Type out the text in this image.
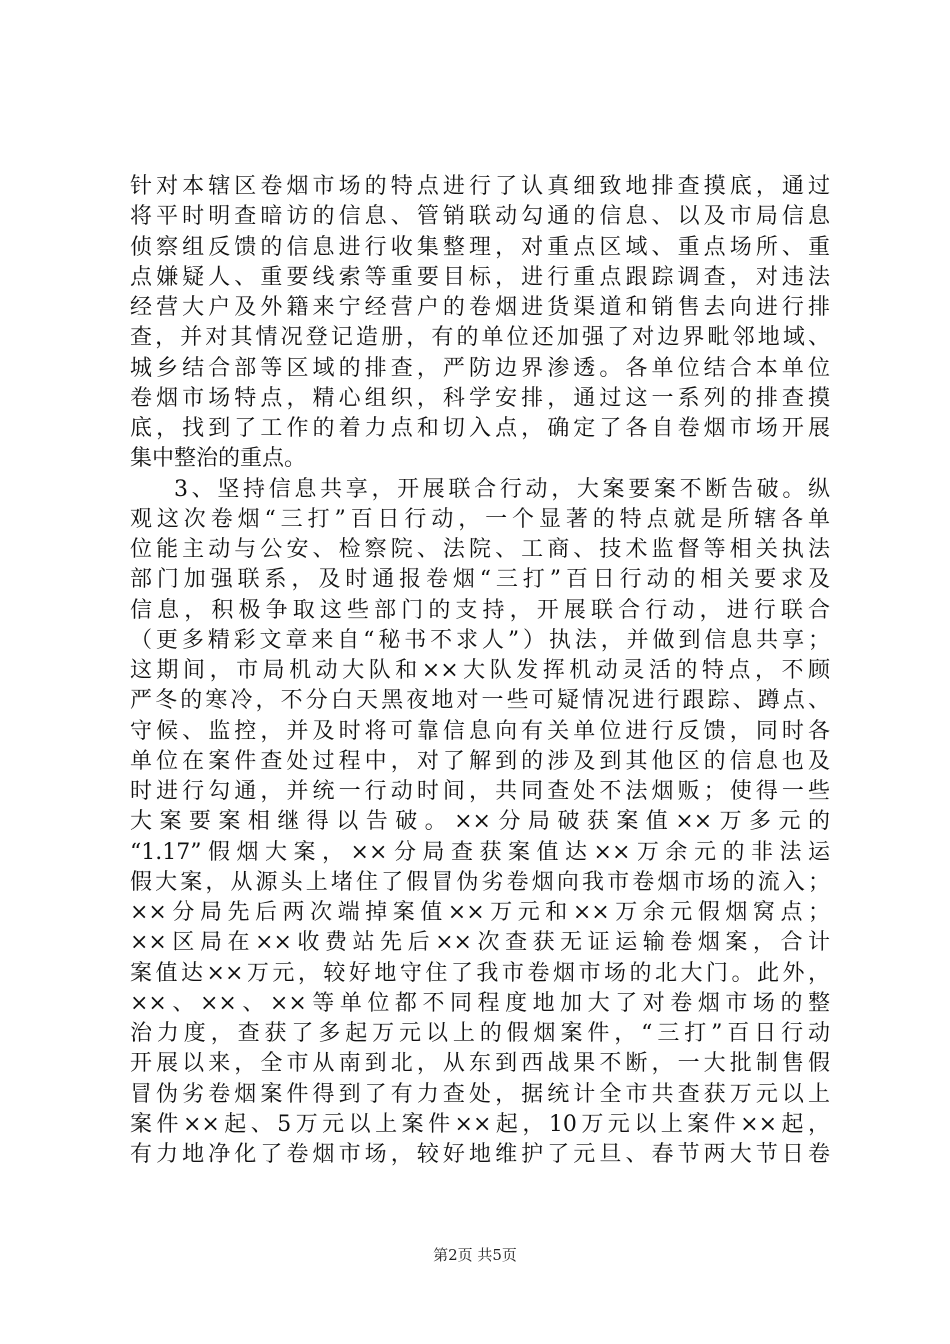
针对本辖区卷烟市场的特点进行了认真细致地排查摸底，通过
将平时明查暗访的信息、管销联动勾通的信息、以及市局信息
侦察组反馈的信息进行收集整理，对重点区域、重点场所、重
点嫌疑人、重要线索等重要目标，进行重点跟踪调查，对违法
经营大户及外籍来宁经营户的卷烟进货渠道和销售去向进行排
查，并对其情况登记造册，有的单位还加强了对边界毗邻地域、
城乡结合部等区域的排查，严防边界渗透。各单位结合本单位
卷烟市场特点，精心组织，科学安排，通过这一系列的排查摸
底，找到了工作的着力点和切入点，确定了各自卷烟市场开展
集中整治的重点。
3、坚持信息共享，开展联合行动，大案要案不断告破。纵
观这次卷烟“三打”百日行动，一个显著的特点就是所辖各单
位能主动与公安、检察院、法院、工商、技术监督等相关执法
部门加强联系，及时通报卷烟“三打”百日行动的相关要求及
信息，积极争取这些部门的支持，开展联合行动，进行联合
（更多精彩文章来自“秘书不求人”）执法，并做到信息共享；
这期间，市局机动大队和××大队发挥机动灵活的特点，不顾
严冬的寒冷，不分白天黑夜地对一些可疑情况进行跟踪、蹲点、
守候、监控，并及时将可靠信息向有关单位进行反馈，同时各
单位在案件查处过程中，对了解到的涉及到其他区的信息也及
时进行勾通，并统一行动时间，共同查处不法烟贩；使得一些
大案要案相继得以告破。××分局破获案值××万多元的
“1.17”假烟大案，××分局查获案值达××万余元的非法运
假大案，从源头上堵住了假冒伪劣卷烟向我市卷烟市场的流入；
××分局先后两次端掉案值××万元和××万余元假烟窝点；
××区局在××收费站先后××次查获无证运输卷烟案，合计
案值达××万元，较好地守住了我市卷烟市场的北大门。此外，
××、××、××等单位都不同程度地加大了对卷烟市场的整
治力度，查获了多起万元以上的假烟案件，“三打”百日行动
开展以来，全市从南到北，从东到西战果不断，一大批制售假
冒伪劣卷烟案件得到了有力查处，据统计全市共查获万元以上
案件××起、5万元以上案件××起，10万元以上案件××起，
有力地净化了卷烟市场，较好地维护了元旦、春节两大节日卷
第2页 共5页
